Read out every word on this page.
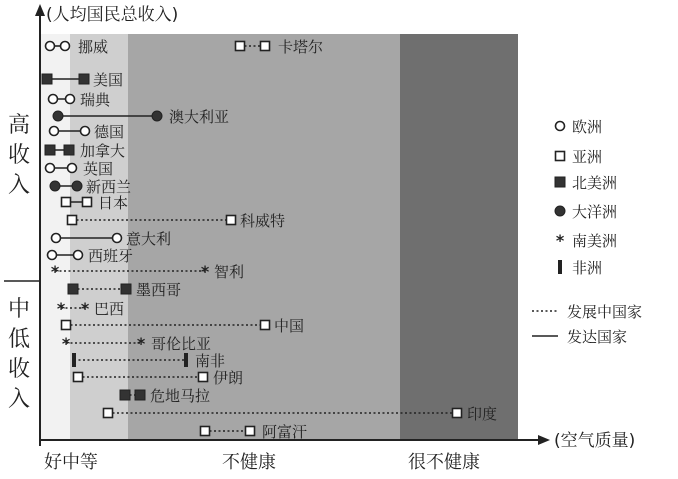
(人均国民总收入)
(空气质量)
好中等	不健康	很不健康
高
收
入
中
低
收
入
*	*
* *
*	*
挪威	卡塔尔
美国
瑞典
澳大利亚
德国
加拿大
英国
新西兰
日本
科威特
意大利
西班牙
智利
墨西哥
巴西
中国
哥伦比亚
南非
伊朗
危地马拉
印度
阿富汗
欧洲
亚洲
北美洲
大洋洲
* 南美洲
非洲
发展中国家
发达国家
